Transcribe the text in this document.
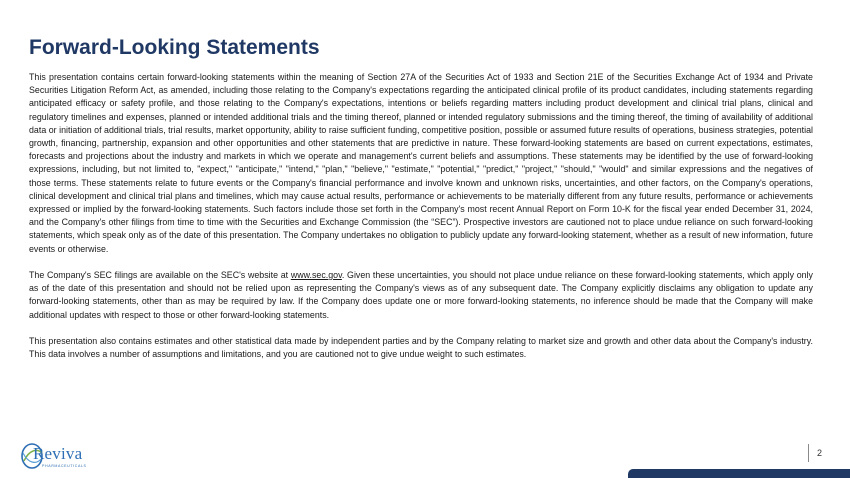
Forward-Looking Statements

This presentation contains certain forward-looking statements within the meaning of Section 27A of the Securities Act of 1933 and Section 21E of the Securities Exchange Act of 1934 and Private Securities Litigation Reform Act, as amended, including those relating to the Company's expectations regarding the anticipated clinical profile of its product candidates, including statements regarding anticipated efficacy or safety profile, and those relating to the Company's expectations, intentions or beliefs regarding matters including product development and clinical trial plans, clinical and regulatory timelines and expenses, planned or intended additional trials and the timing thereof, planned or intended regulatory submissions and the timing thereof, the timing of availability of additional data or initiation of additional trials, trial results, market opportunity, ability to raise sufficient funding, competitive position, possible or assumed future results of operations, business strategies, potential growth, financing, partnership, expansion and other opportunities and other statements that are predictive in nature. These forward-looking statements are based on current expectations, estimates, forecasts and projections about the industry and markets in which we operate and management's current beliefs and assumptions. These statements may be identified by the use of forward-looking expressions, including, but not limited to, "expect," "anticipate," "intend," "plan," "believe," "estimate," "potential," "predict," "project," "should," "would" and similar expressions and the negatives of those terms. These statements relate to future events or the Company's financial performance and involve known and unknown risks, uncertainties, and other factors, on the Company's operations, clinical development and clinical trial plans and timelines, which may cause actual results, performance or achievements to be materially different from any future results, performance or achievements expressed or implied by the forward-looking statements. Such factors include those set forth in the Company's most recent Annual Report on Form 10-K for the fiscal year ended December 31, 2024, and the Company's other filings from time to time with the Securities and Exchange Commission (the “SEC”). Prospective investors are cautioned not to place undue reliance on such forward-looking statements, which speak only as of the date of this presentation. The Company undertakes no obligation to publicly update any forward-looking statement, whether as a result of new information, future events or otherwise.

The Company's SEC filings are available on the SEC's website at www.sec.gov. Given these uncertainties, you should not place undue reliance on these forward-looking statements, which apply only as of the date of this presentation and should not be relied upon as representing the Company's views as of any subsequent date. The Company explicitly disclaims any obligation to update any forward-looking statements, other than as may be required by law. If the Company does update one or more forward-looking statements, no inference should be made that the Company will make additional updates with respect to those or other forward-looking statements.

This presentation also contains estimates and other statistical data made by independent parties and by the Company relating to market size and growth and other data about the Company's industry. This data involves a number of assumptions and limitations, and you are cautioned not to give undue weight to such estimates.

Reviva
PHARMACEUTICALS
2
